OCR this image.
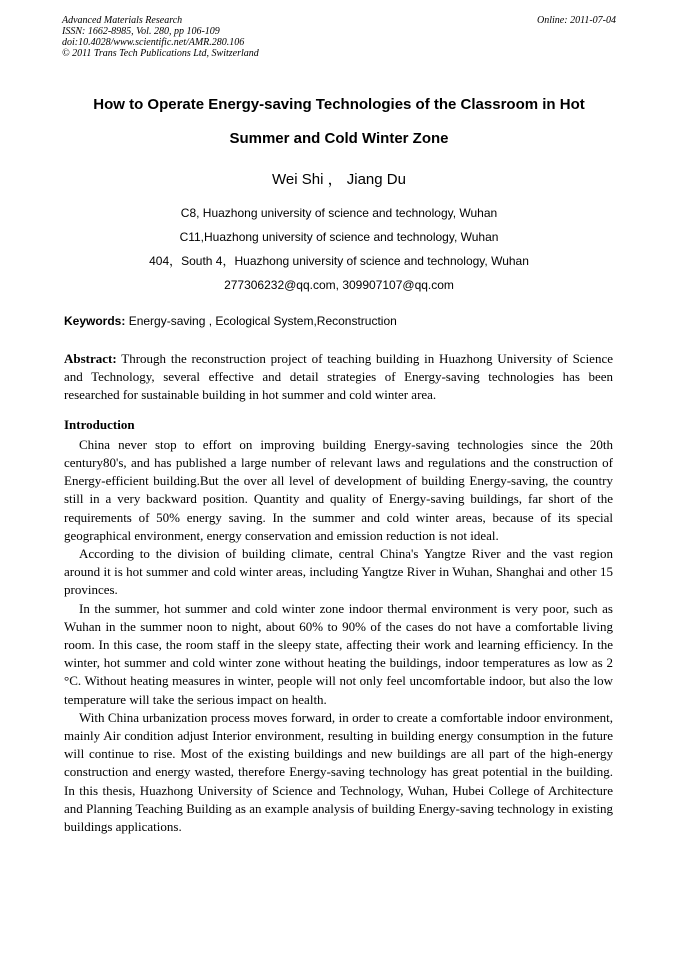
Advanced Materials Research
ISSN: 1662-8985, Vol. 280, pp 106-109
doi:10.4028/www.scientific.net/AMR.280.106
© 2011 Trans Tech Publications Ltd, Switzerland
Online: 2011-07-04
How to Operate Energy-saving Technologies of the Classroom in Hot
Summer and Cold Winter Zone
Wei Shi ， Jiang Du
C8, Huazhong university of science and technology, Wuhan
C11,Huazhong university of science and technology, Wuhan
404，South 4，Huazhong university of science and technology, Wuhan
277306232@qq.com, 309907107@qq.com
Keywords: Energy-saving , Ecological System,Reconstruction

Abstract: Through the reconstruction project of teaching building in Huazhong University of Science and Technology, several effective and detail strategies of Energy-saving technologies has been researched for sustainable building in hot summer and cold winter area.

Introduction

China never stop to effort on improving building Energy-saving technologies since the 20th century80's, and has published a large number of relevant laws and regulations and the construction of Energy-efficient building.But the over all level of development of building Energy-saving, the country still in a very backward position. Quantity and quality of Energy-saving buildings, far short of the requirements of 50% energy saving. In the summer and cold winter areas, because of its special geographical environment, energy conservation and emission reduction is not ideal.

According to the division of building climate, central China's Yangtze River and the vast region around it is hot summer and cold winter areas, including Yangtze River in Wuhan, Shanghai and other 15 provinces.

In the summer, hot summer and cold winter zone indoor thermal environment is very poor, such as Wuhan in the summer noon to night, about 60% to 90% of the cases do not have a comfortable living room. In this case, the room staff in the sleepy state, affecting their work and learning efficiency. In the winter, hot summer and cold winter zone without heating the buildings, indoor temperatures as low as 2 °C. Without heating measures in winter, people will not only feel uncomfortable indoor, but also the low temperature will take the serious impact on health.

With China urbanization process moves forward, in order to create a comfortable indoor environment, mainly Air condition adjust Interior environment, resulting in building energy consumption in the future will continue to rise. Most of the existing buildings and new buildings are all part of the high-energy construction and energy wasted, therefore Energy-saving technology has great potential in the building. In this thesis, Huazhong University of Science and Technology, Wuhan, Hubei College of Architecture and Planning Teaching Building as an example analysis of building Energy-saving technology in existing buildings applications.
